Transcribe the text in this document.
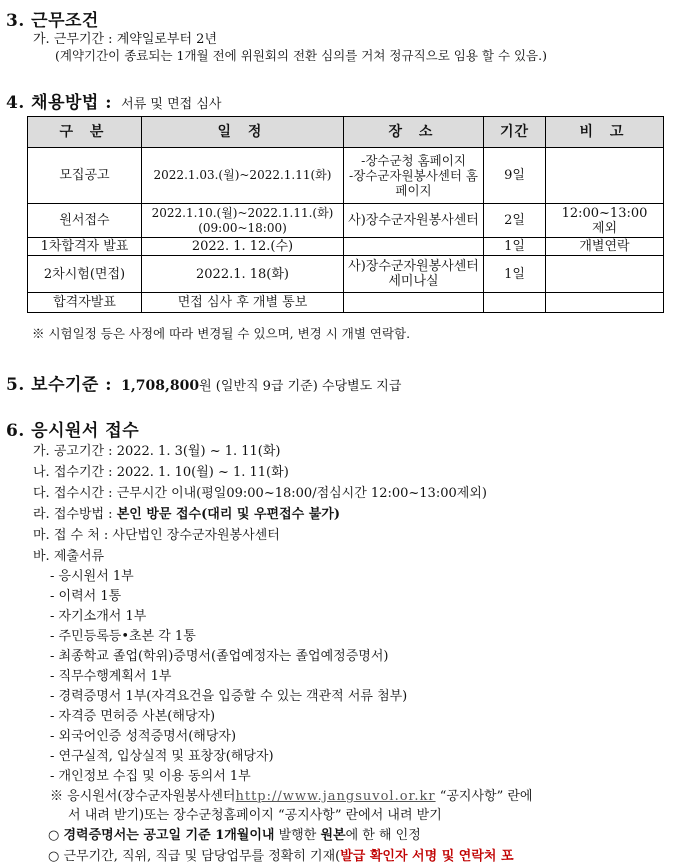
3. 근무조건
가. 근무기간 : 계약일로부터 2년
(계약기간이 종료되는 1개월 전에 위원회의 전환 심의를 거쳐 정규직으로 임용 할 수 있음.)
4. 채용방법 : 서류 및 면접 심사
구 분	일 정	장 소	기간	비 고
모집공고	2022.1.03.(월)~2022.1.11(화)	-장수군청 홈페이지
-장수군자원봉사센터 홈페이지	9일	
원서접수	2022.1.10.(월)~2022.1.11.(화)
(09:00~18:00)	사)장수군자원봉사센터	2일	12:00~13:00
제외
1차합격자 발표	2022. 1. 12.(수)		1일	개별연락
2차시험(면접)	2022.1. 18(화)	사)장수군자원봉사센터 세미나실	1일	
합격자발표	면접 심사 후 개별 통보			
※ 시험일정 등은 사정에 따라 변경될 수 있으며, 변경 시 개별 연락함.
5. 보수기준 : 1,708,800원 (일반직 9급 기준) 수당별도 지급
6. 응시원서 접수
가. 공고기간 : 2022. 1. 3(월) ~ 1. 11(화)
나. 접수기간 : 2022. 1. 10(월) ~ 1. 11(화)
다. 접수시간 : 근무시간 이내(평일09:00~18:00/점심시간 12:00~13:00제외)
라. 접수방법 : 본인 방문 접수(대리 및 우편접수 불가)
마. 접 수 처 : 사단법인 장수군자원봉사센터
바. 제출서류
- 응시원서 1부
- 이력서 1통
- 자기소개서 1부
- 주민등록등•초본 각 1통
- 최종학교 졸업(학위)증명서(졸업예정자는 졸업예정증명서)
- 직무수행계획서 1부
- 경력증명서 1부(자격요건을 입증할 수 있는 객관적 서류 첨부)
- 자격증 면허증 사본(해당자)
- 외국어인증 성적증명서(해당자)
- 연구실적, 입상실적 및 표창장(해당자)
- 개인정보 수집 및 이용 동의서 1부
※ 응시원서(장수군자원봉사센터http://www.jangsuvol.or.kr “공지사항” 란에
서 내려 받기)또는 장수군청홈페이지 “공지사항” 란에서 내려 받기
○ 경력증명서는 공고일 기준 1개월이내 발행한 원본에 한 해 인정
○ 근무기간, 직위, 직급 및 담당업무를 정확히 기재(발급 확인자 서명 및 연락처 포
